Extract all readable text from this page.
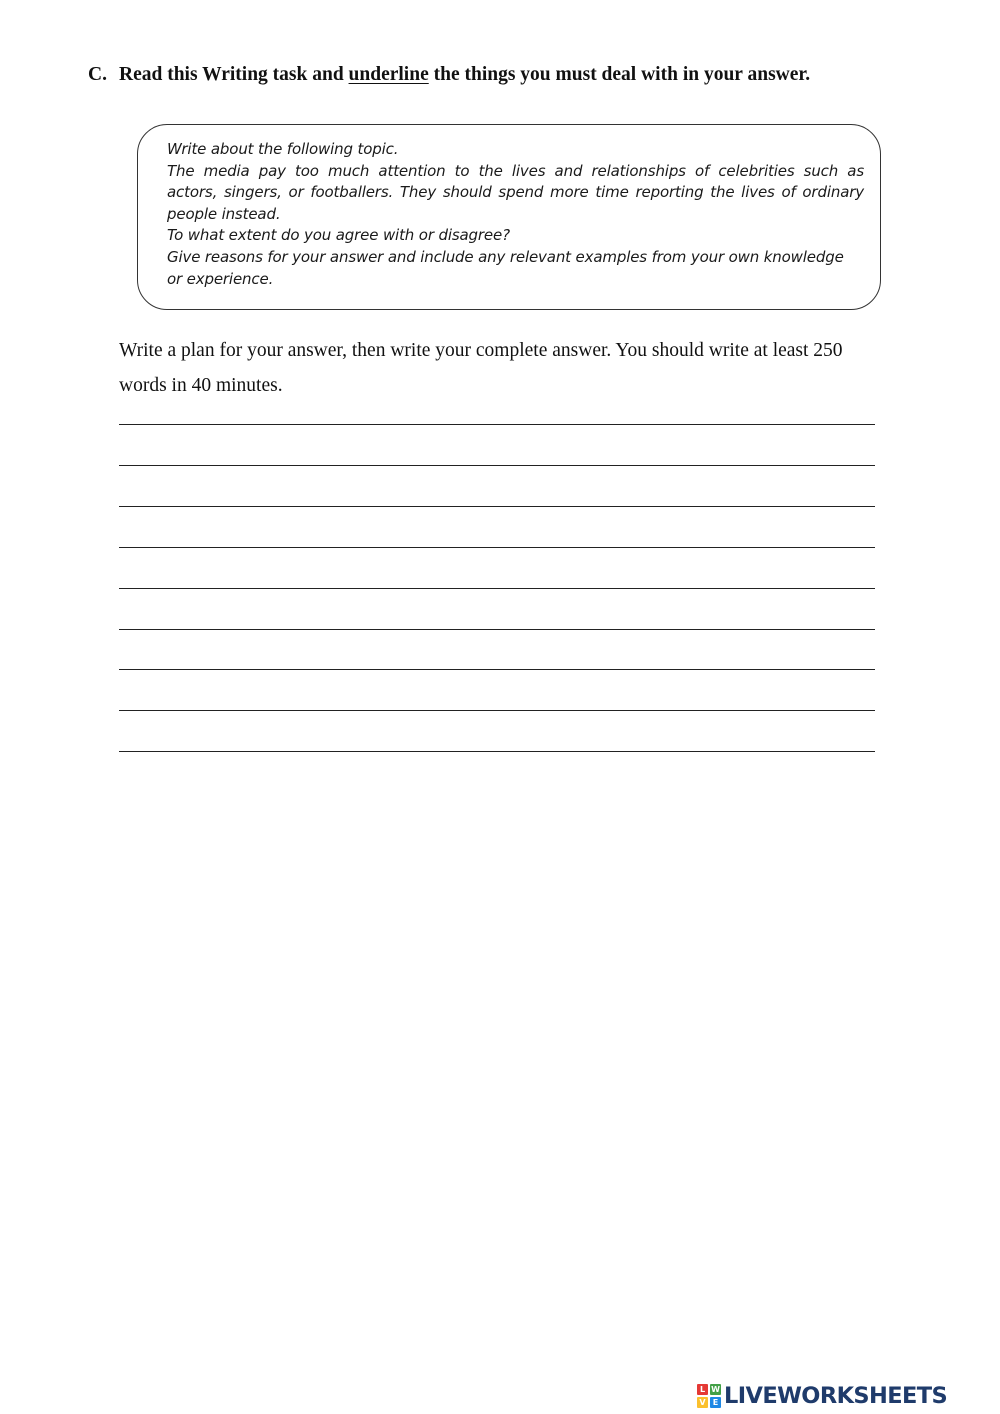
C. Read this Writing task and underline the things you must deal with in your answer.
Write about the following topic.
The media pay too much attention to the lives and relationships of celebrities such as
actors, singers, or footballers. They should spend more time reporting the lives of ordinary
people instead.
To what extent do you agree with or disagree?
Give reasons for your answer and include any relevant examples from your own knowledge
or experience.
Write a plan for your answer, then write your complete answer. You should write at least 250 words in 40 minutes.
L W
V E LIVEWORKSHEETS
